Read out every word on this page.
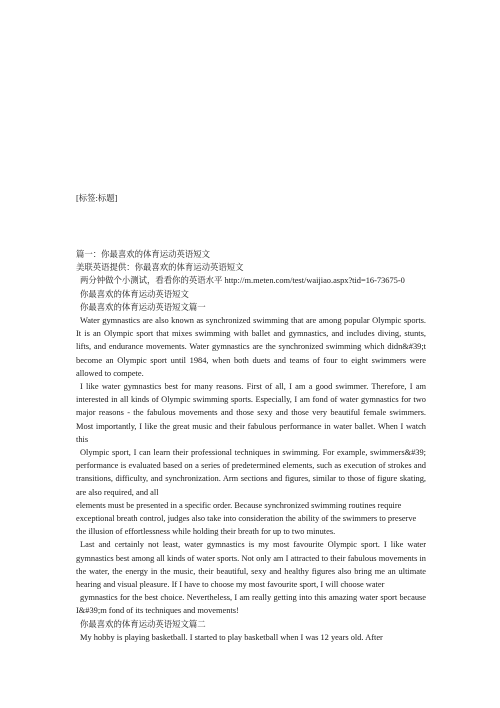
[标签:标题]

篇一：你最喜欢的体育运动英语短文
美联英语提供：你最喜欢的体育运动英语短文
两分钟做个小测试，看看你的英语水平 http://m.meten.com/test/waijiao.aspx?tid=16-73675-0
你最喜欢的体育运动英语短文
你最喜欢的体育运动英语短文篇一
Water gymnastics are also known as synchronized swimming that are among popular Olympic sports. It is an Olympic sport that mixes swimming with ballet and gymnastics, and includes diving, stunts, lifts, and endurance movements. Water gymnastics are the synchronized swimming which didn&#39;t become an Olympic sport until 1984, when both duets and teams of four to eight swimmers were allowed to compete.
I like water gymnastics best for many reasons. First of all, I am a good swimmer. Therefore, I am interested in all kinds of Olympic swimming sports. Especially, I am fond of water gymnastics for two major reasons - the fabulous movements and those sexy and those very beautiful female swimmers. Most importantly, I like the great music and their fabulous performance in water ballet. When I watch this
Olympic sport, I can learn their professional techniques in swimming. For example, swimmers&#39; performance is evaluated based on a series of predetermined elements, such as execution of strokes and transitions, difficulty, and synchronization. Arm sections and figures, similar to those of figure skating, are also required, and all
elements must be presented in a specific order. Because synchronized swimming routines require exceptional breath control, judges also take into consideration the ability of the swimmers to preserve the illusion of effortlessness while holding their breath for up to two minutes.
Last and certainly not least, water gymnastics is my most favourite Olympic sport. I like water gymnastics best among all kinds of water sports. Not only am I attracted to their fabulous movements in the water, the energy in the music, their beautiful, sexy and healthy figures also bring me an ultimate hearing and visual pleasure. If I have to choose my most favourite sport, I will choose water
gymnastics for the best choice. Nevertheless, I am really getting into this amazing water sport because I&#39;m fond of its techniques and movements!
你最喜欢的体育运动英语短文篇二
My hobby is playing basketball. I started to play basketball when I was 12 years old. After
